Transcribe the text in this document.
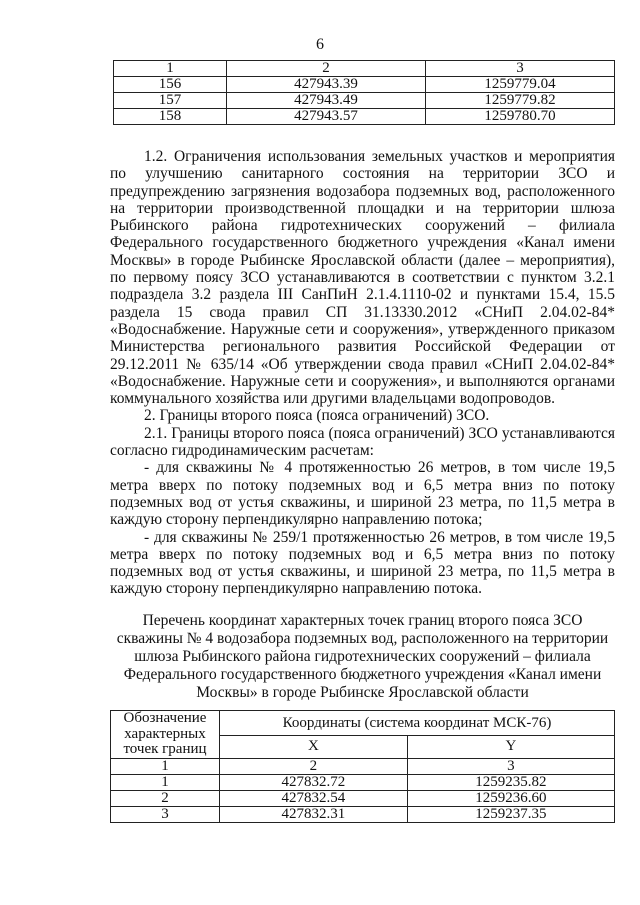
6
1	2	3
156	427943.39	1259779.04
157	427943.49	1259779.82
158	427943.57	1259780.70

1.2. Ограничения использования земельных участков и мероприятия по улучшению санитарного состояния на территории ЗСО и предупреждению загрязнения водозабора подземных вод, расположенного на территории производственной площадки и на территории шлюза Рыбинского района гидротехнических сооружений – филиала Федерального государственного бюджетного учреждения «Канал имени Москвы» в городе Рыбинске Ярославской области (далее – мероприятия), по первому поясу ЗСО устанавливаются в соответствии с пунктом 3.2.1 подраздела 3.2 раздела III СанПиН 2.1.4.1110-02 и пунктами 15.4, 15.5 раздела 15 свода правил СП 31.13330.2012 «СНиП 2.04.02-84* «Водоснабжение. Наружные сети и сооружения», утвержденного приказом Министерства регионального развития Российской Федерации от 29.12.2011 № 635/14 «Об утверждении свода правил «СНиП 2.04.02-84* «Водоснабжение. Наружные сети и сооружения», и выполняются органами коммунального хозяйства или другими владельцами водопроводов.

2. Границы второго пояса (пояса ограничений) ЗСО.

2.1. Границы второго пояса (пояса ограничений) ЗСО устанавливаются согласно гидродинамическим расчетам:

- для скважины № 4 протяженностью 26 метров, в том числе 19,5 метра вверх по потоку подземных вод и 6,5 метра вниз по потоку подземных вод от устья скважины, и шириной 23 метра, по 11,5 метра в каждую сторону перпендикулярно направлению потока;

- для скважины № 259/1 протяженностью 26 метров, в том числе 19,5 метра вверх по потоку подземных вод и 6,5 метра вниз по потоку подземных вод от устья скважины, и шириной 23 метра, по 11,5 метра в каждую сторону перпендикулярно направлению потока.

Перечень координат характерных точек границ второго пояса ЗСО скважины № 4 водозабора подземных вод, расположенного на территории шлюза Рыбинского района гидротехнических сооружений – филиала Федерального государственного бюджетного учреждения «Канал имени Москвы» в городе Рыбинске Ярославской области

Обозначение характерных точек границ	Координаты (система координат МСК-76)	
	X	Y
1	2	3
1	427832.72	1259235.82
2	427832.54	1259236.60
3	427832.31	1259237.35
